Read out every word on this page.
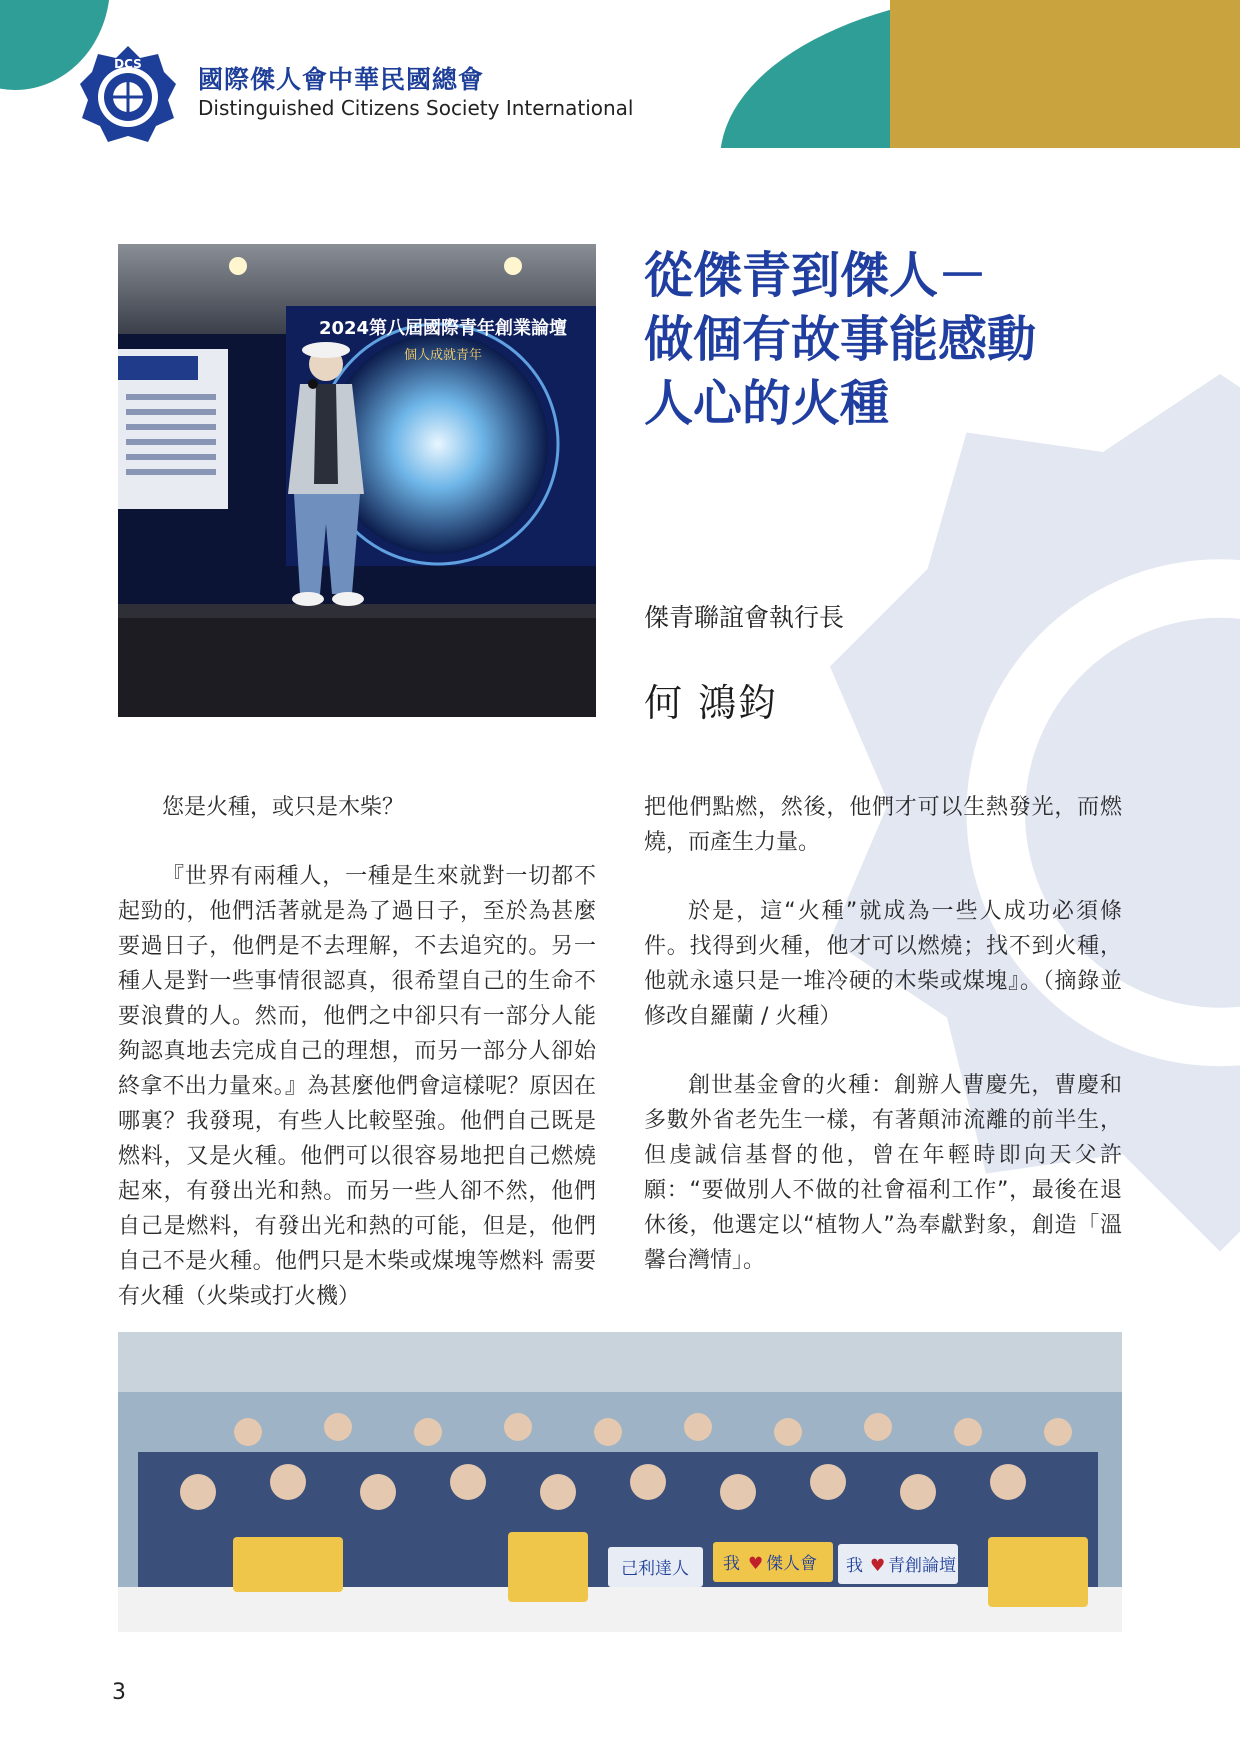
DCS
國際傑人會中華民國總會
Distinguished Citizens Society International
2024第八屆國際青年創業論壇
個人成就青年
從傑青到傑人－
做個有故事能感動
人心的火種
傑青聯誼會執行長
何 鴻鈞

您是火種，或只是木柴？

『世界有兩種人，一種是生來就對一切都不起勁的，他們活著就是為了過日子，至於為甚麼要過日子，他們是不去理解，不去追究的。另一種人是對一些事情很認真，很希望自己的生命不要浪費的人。然而，他們之中卻只有一部分人能夠認真地去完成自己的理想，而另一部分人卻始終拿不出力量來。』為甚麼他們會這樣呢？原因在哪裏？我發現，有些人比較堅強。他們自己既是燃料，又是火種。他們可以很容易地把自己燃燒起來，有發出光和熱。而另一些人卻不然，他們自己是燃料，有發出光和熱的可能，但是，他們自己不是火種。他們只是木柴或煤塊等燃料 需要有火種（火柴或打火機）

把他們點燃，然後，他們才可以生熱發光，而燃燒，而產生力量。

於是，這“火種”就成為一些人成功必須條件。找得到火種，他才可以燃燒；找不到火種，他就永遠只是一堆冷硬的木柴或煤塊』。（摘錄並修改自羅蘭 / 火種）

創世基金會的火種：創辦人曹慶先，曹慶和多數外省老先生一樣，有著顛沛流離的前半生，但虔誠信基督的他，曾在年輕時即向天父許願：“要做別人不做的社會福利工作”，最後在退休後，他選定以“植物人”為奉獻對象，創造「溫馨台灣情」。

己利達人 我 ♥ 傑人會 我 ♥ 青創論壇
3
